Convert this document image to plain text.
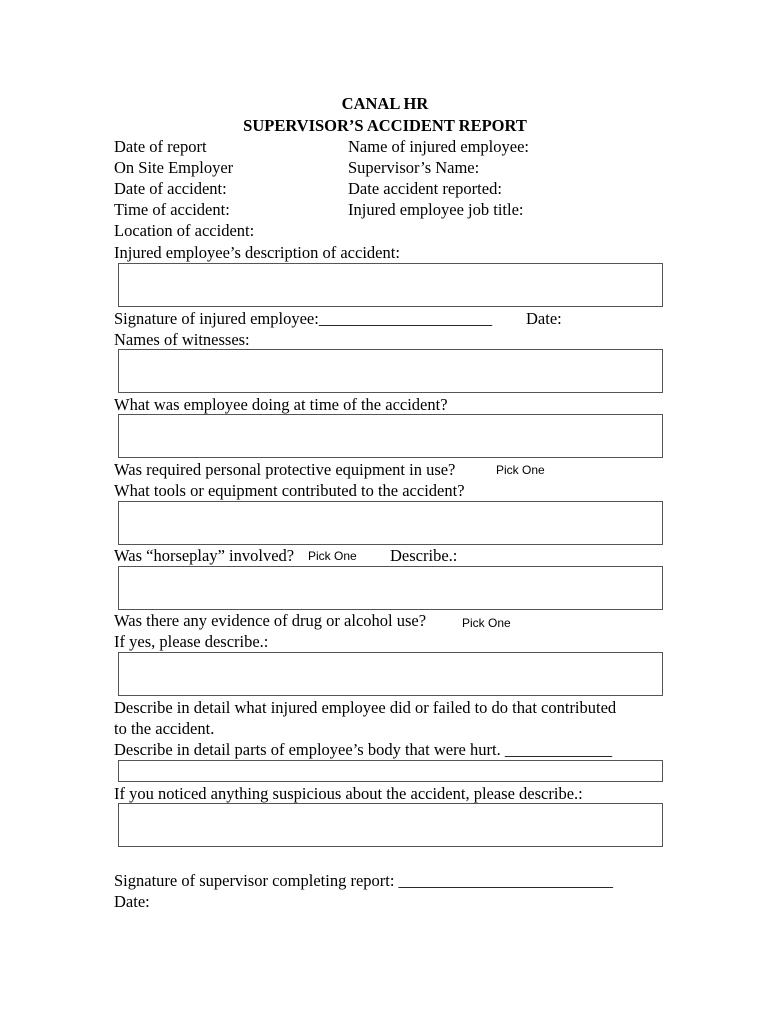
CANAL HR
SUPERVISOR’S ACCIDENT REPORT
Date of report	Name of injured employee:
On Site Employer	Supervisor’s Name:
Date of accident:	Date accident reported:
Time of accident:	Injured employee job title:
Location of accident:
Injured employee’s description of accident:
Signature of injured employee:_____________________ Date:
Names of witnesses:
What was employee doing at time of the accident?
Was required personal protective equipment in use?	Pick One
What tools or equipment contributed to the accident?
Was “horseplay” involved? Pick One Describe.:
Was there any evidence of drug or alcohol use?	Pick One
If yes, please describe.:
Describe in detail what injured employee did or failed to do that contributed
to the accident.
Describe in detail parts of employee’s body that were hurt. _____________
If you noticed anything suspicious about the accident, please describe.:
Signature of supervisor completing report: __________________________
Date:
